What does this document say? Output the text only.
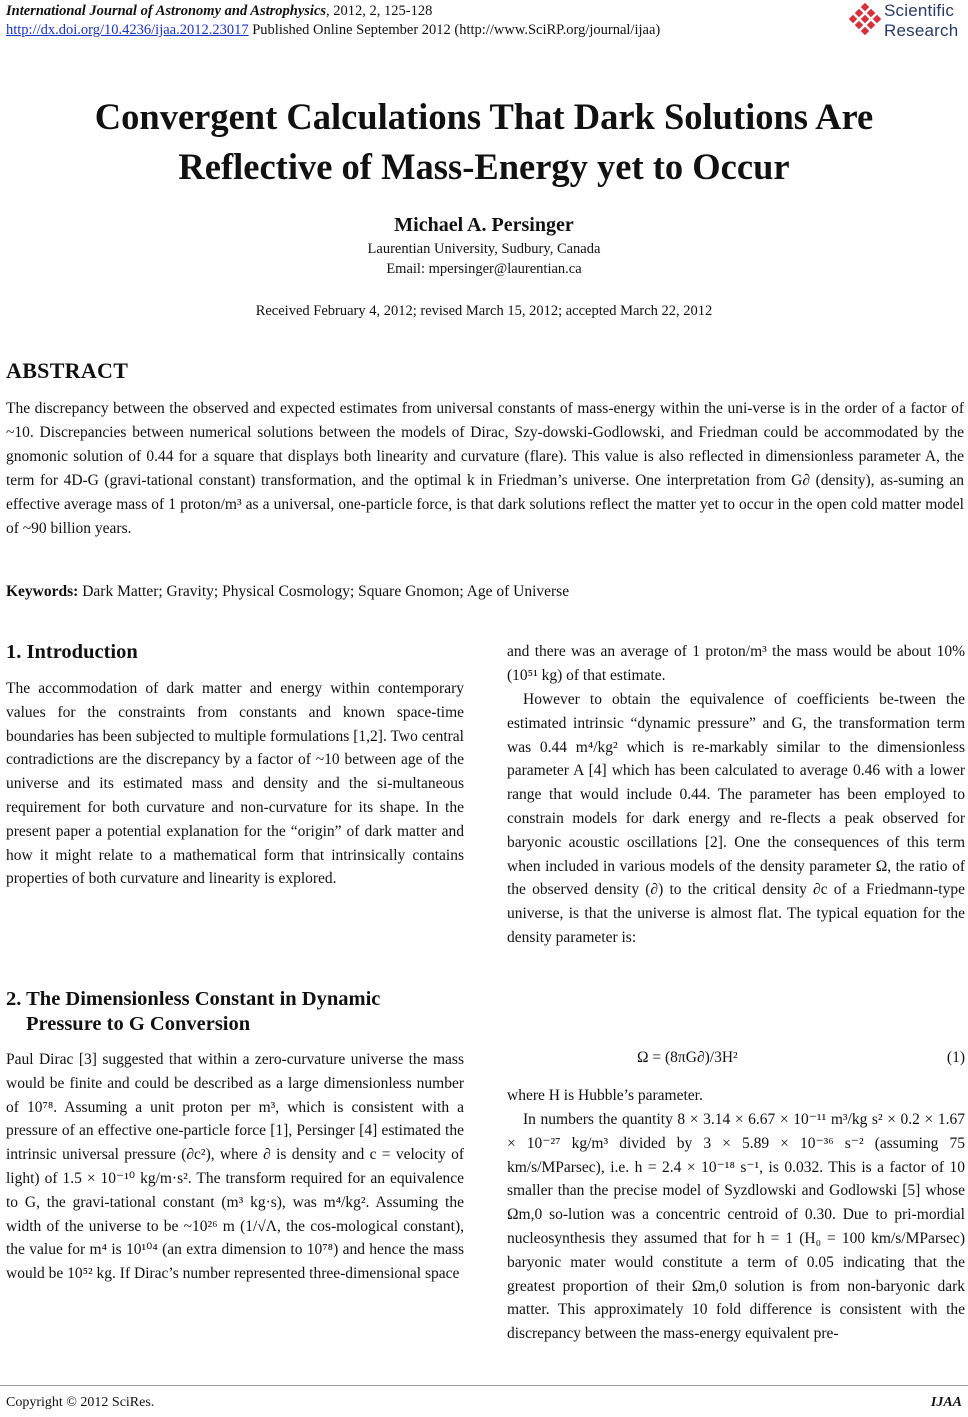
International Journal of Astronomy and Astrophysics, 2012, 2, 125-128
http://dx.doi.org/10.4236/ijaa.2012.23017 Published Online September 2012 (http://www.SciRP.org/journal/ijaa)
Scientific
Research
Convergent Calculations That Dark Solutions Are
Reflective of Mass-Energy yet to Occur
Michael A. Persinger
Laurentian University, Sudbury, Canada
Email: mpersinger@laurentian.ca
Received February 4, 2012; revised March 15, 2012; accepted March 22, 2012
ABSTRACT

The discrepancy between the observed and expected estimates from universal constants of mass-energy within the uni-verse is in the order of a factor of ~10. Discrepancies between numerical solutions between the models of Dirac, Szy-dowski-Godlowski, and Friedman could be accommodated by the gnomonic solution of 0.44 for a square that displays both linearity and curvature (flare). This value is also reflected in dimensionless parameter A, the term for 4D-G (gravi-tational constant) transformation, and the optimal k in Friedman’s universe. One interpretation from G∂ (density), as-suming an effective average mass of 1 proton/m³ as a universal, one-particle force, is that dark solutions reflect the matter yet to occur in the open cold matter model of ~90 billion years.

Keywords: Dark Matter; Gravity; Physical Cosmology; Square Gnomon; Age of Universe
1. Introduction

The accommodation of dark matter and energy within contemporary values for the constraints from constants and known space-time boundaries has been subjected to multiple formulations [1,2]. Two central contradictions are the discrepancy by a factor of ~10 between age of the universe and its estimated mass and density and the si-multaneous requirement for both curvature and non-curvature for its shape. In the present paper a potential explanation for the “origin” of dark matter and how it might relate to a mathematical form that intrinsically contains properties of both curvature and linearity is explored.

2. The Dimensionless Constant in Dynamic
Pressure to G Conversion

Paul Dirac [3] suggested that within a zero-curvature universe the mass would be finite and could be described as a large dimensionless number of 10⁷⁸. Assuming a unit proton per m³, which is consistent with a pressure of an effective one-particle force [1], Persinger [4] estimated the intrinsic universal pressure (∂c²), where ∂ is density and c = velocity of light) of 1.5 × 10⁻¹⁰ kg/m·s². The transform required for an equivalence to G, the gravi-tational constant (m³ kg·s), was m⁴/kg². Assuming the width of the universe to be ~10²⁶ m (1/√Λ, the cos-mological constant), the value for m⁴ is 10¹⁰⁴ (an extra dimension to 10⁷⁸) and hence the mass would be 10⁵² kg. If Dirac’s number represented three-dimensional space

and there was an average of 1 proton/m³ the mass would be about 10% (10⁵¹ kg) of that estimate.

However to obtain the equivalence of coefficients be-tween the estimated intrinsic “dynamic pressure” and G, the transformation term was 0.44 m⁴/kg² which is re-markably similar to the dimensionless parameter A [4] which has been calculated to average 0.46 with a lower range that would include 0.44. The parameter has been employed to constrain models for dark energy and re-flects a peak observed for baryonic acoustic oscillations [2]. One the consequences of this term when included in various models of the density parameter Ω, the ratio of the observed density (∂) to the critical density ∂c of a Friedmann-type universe, is that the universe is almost flat. The typical equation for the density parameter is:

Ω = (8πG∂)/3H²	(1)

where H is Hubble’s parameter.

In numbers the quantity 8 × 3.14 × 6.67 × 10⁻¹¹ m³/kg s² × 0.2 × 1.67 × 10⁻²⁷ kg/m³ divided by 3 × 5.89 × 10⁻³⁶ s⁻² (assuming 75 km/s/MParsec), i.e. h = 2.4 × 10⁻¹⁸ s⁻¹, is 0.032. This is a factor of 10 smaller than the precise model of Syzdlowski and Godlowski [5] whose Ωm,0 so-lution was a concentric centroid of 0.30. Due to pri-mordial nucleosynthesis they assumed that for h = 1 (H₀ = 100 km/s/MParsec) baryonic mater would constitute a term of 0.05 indicating that the greatest proportion of their Ωm,0 solution is from non-baryonic dark matter. This approximately 10 fold difference is consistent with the discrepancy between the mass-energy equivalent pre-

Copyright © 2012 SciRes.	IJAA
